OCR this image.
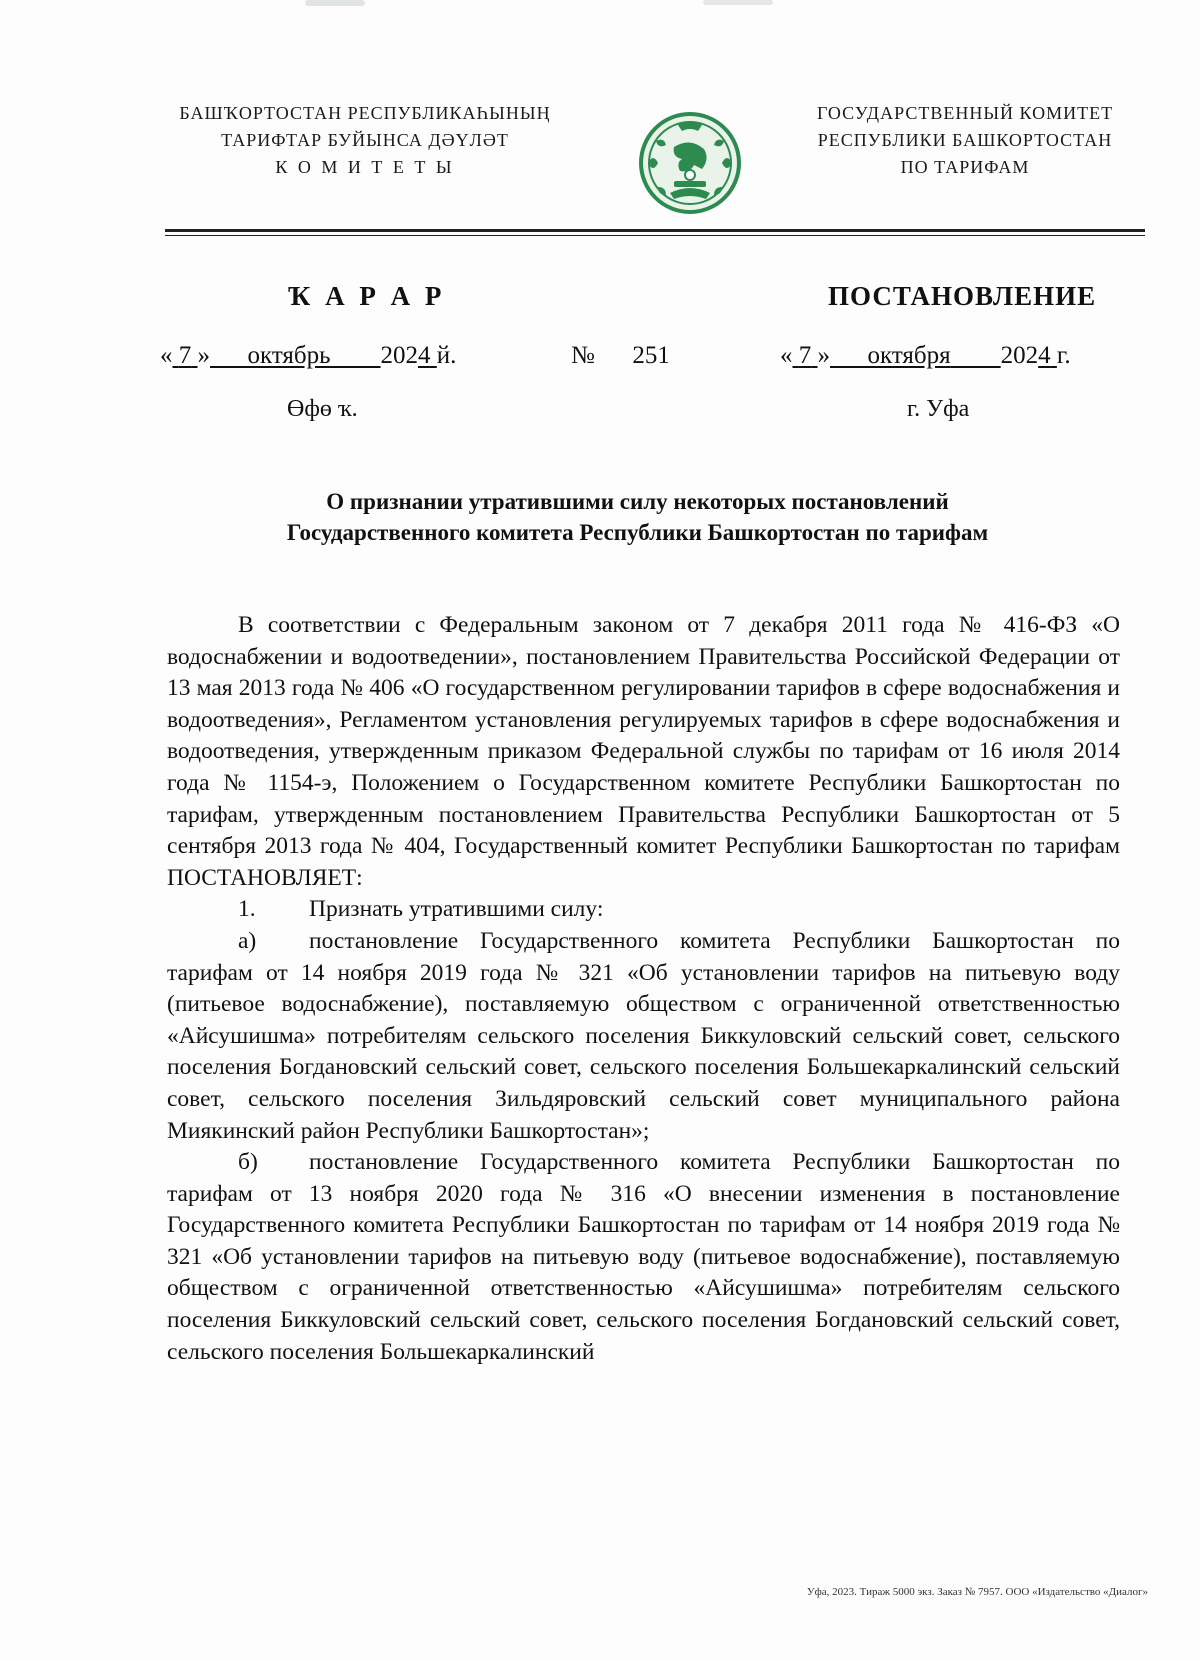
БАШҠОРТОСТАН РЕСПУБЛИКАҺЫНЫҢ
ТАРИФТАР БУЙЫНСА ДӘҮЛӘТ
К О М И Т Е Т Ы
ГОСУДАРСТВЕННЫЙ КОМИТЕТ
РЕСПУБЛИКИ БАШКОРТОСТАН
ПО ТАРИФАМ
Ҡ А Р А Р	ПОСТАНОВЛЕНИЕ
« 7 » октябрь 2024 й.	№ 251	« 7 » октября 2024 г.
Өфө ҡ.	г. Уфа
О признании утратившими силу некоторых постановлений
Государственного комитета Республики Башкортостан по тарифам

В соответствии с Федеральным законом от 7 декабря 2011 года № 416-ФЗ «О водоснабжении и водоотведении», постановлением Правительства Российской Федерации от 13 мая 2013 года № 406 «О государственном регулировании тарифов в сфере водоснабжения и водоотведения», Регламентом установления регулируемых тарифов в сфере водоснабжения и водоотведения, утвержденным приказом Федеральной службы по тарифам от 16 июля 2014 года № 1154-э, Положением о Государственном комитете Республики Башкортостан по тарифам, утвержденным постановлением Правительства Республики Башкортостан от 5 сентября 2013 года № 404, Государственный комитет Республики Башкортостан по тарифам ПОСТАНОВЛЯЕТ:

1. Признать утратившими силу:

а) постановление Государственного комитета Республики Башкортостан по тарифам от 14 ноября 2019 года № 321 «Об установлении тарифов на питьевую воду (питьевое водоснабжение), поставляемую обществом с ограниченной ответственностью «Айсушишма» потребителям сельского поселения Биккуловский сельский совет, сельского поселения Богдановский сельский совет, сельского поселения Большекаркалинский сельский совет, сельского поселения Зильдяровский сельский совет муниципального района Миякинский район Республики Башкортостан»;

б) постановление Государственного комитета Республики Башкортостан по тарифам от 13 ноября 2020 года № 316 «О внесении изменения в постановление Государственного комитета Республики Башкортостан по тарифам от 14 ноября 2019 года № 321 «Об установлении тарифов на питьевую воду (питьевое водоснабжение), поставляемую обществом с ограниченной ответственностью «Айсушишма» потребителям сельского поселения Биккуловский сельский совет, сельского поселения Богдановский сельский совет, сельского поселения Большекаркалинский

Уфа, 2023. Тираж 5000 экз. Заказ № 7957. ООО «Издательство «Диалог»
